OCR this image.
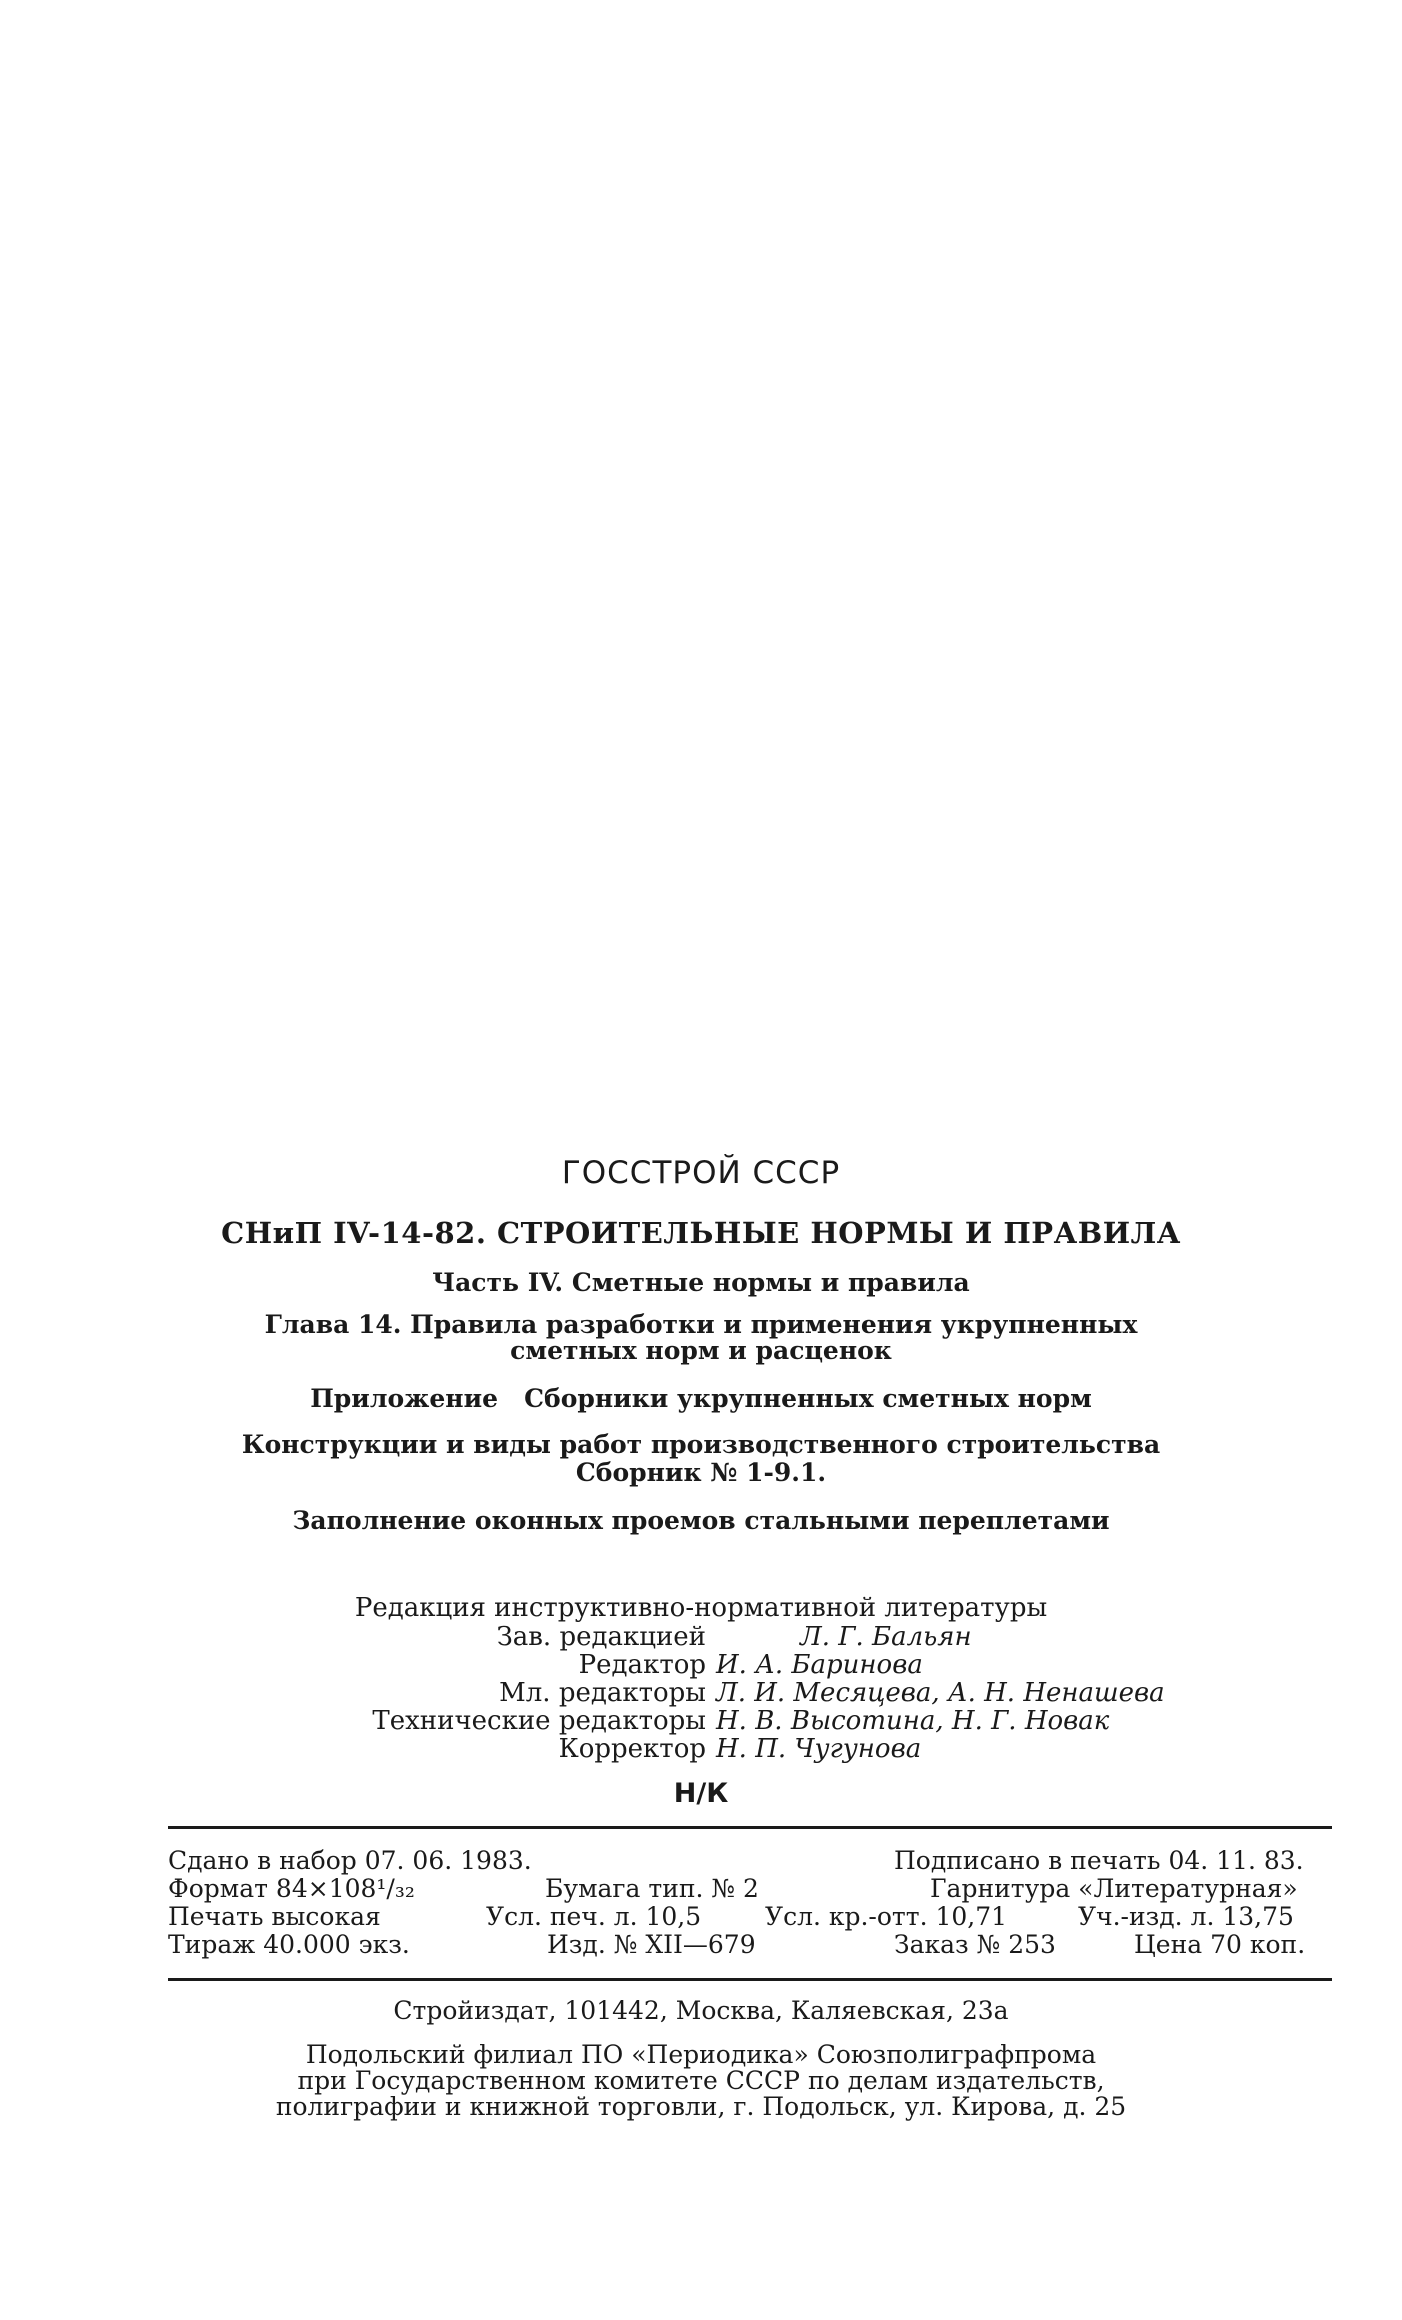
ГОССТРОЙ СССР
СНиП IV-14-82. СТРОИТЕЛЬНЫЕ НОРМЫ И ПРАВИЛА
Часть IV. Сметные нормы и правила
Глава 14. Правила разработки и применения укрупненных
сметных норм и расценок
Приложение   Сборники укрупненных сметных норм
Конструкции и виды работ производственного строительства
Сборник № 1-9.1.
Заполнение оконных проемов стальными переплетами
Редакция инструктивно-нормативной литературы
Зав. редакцией	Л. Г. Бальян
Редактор И. А. Баринова
Мл. редакторы Л. И. Месяцева, А. Н. Ненашева
Технические редакторы Н. В. Высотина, Н. Г. Новак
Корректор Н. П. Чугунова
Н/К
Сдано в набор 07. 06. 1983.	Подписано в печать 04. 11. 83.
Формат 84×108¹/₃₂	Бумага тип. № 2	Гарнитура «Литературная»
Печать высокая	Усл. печ. л. 10,5	Усл. кр.-отт. 10,71	Уч.-изд. л. 13,75
Тираж 40.000 экз.	Изд. № XII—679	Заказ № 253	Цена 70 коп.
Стройиздат, 101442, Москва, Каляевская, 23а
Подольский филиал ПО «Периодика» Союзполиграфпрома
при Государственном комитете СССР по делам издательств,
полиграфии и книжной торговли, г. Подольск, ул. Кирова, д. 25
